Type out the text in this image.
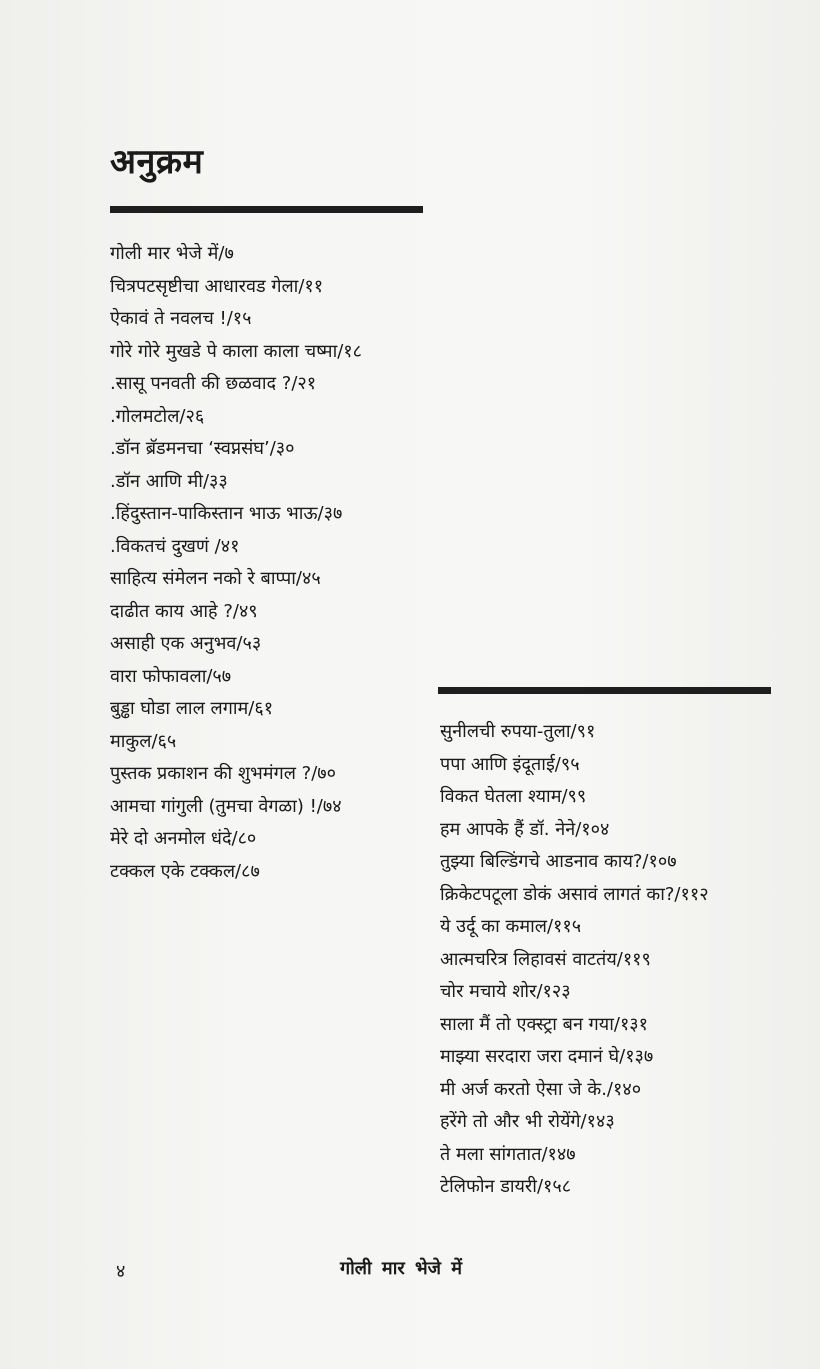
अनुक्रम
गोली मार भेजे में/७
चित्रपटसृष्टीचा आधारवड गेला/११
ऐकावं ते नवलच !/१५
गोरे गोरे मुखडे पे काला काला चष्मा/१८
.सासू पनवती की छळवाद ?/२१
.गोलमटोल/२६
.डॉन ब्रॅडमनचा ‘स्वप्नसंघ’/३०
.डॉन आणि मी/३३
.हिंदुस्तान-पाकिस्तान भाऊ भाऊ/३७
.विकतचं दुखणं /४१
साहित्य संमेलन नको रे बाप्पा/४५
दाढीत काय आहे ?/४९
असाही एक अनुभव/५३
वारा फोफावला/५७
बुड्ढा घोडा लाल लगाम/६१
माकुल/६५
पुस्तक प्रकाशन की शुभमंगल ?/७०
आमचा गांगुली (तुमचा वेगळा) !/७४
मेरे दो अनमोल धंदे/८०
टक्कल एके टक्कल/८७
सुनीलची रुपया-तुला/९१
पपा आणि इंदूताई/९५
विकत घेतला श्याम/९९
हम आपके हैं डॉ. नेने/१०४
तुझ्या बिल्डिंगचे आडनाव काय?/१०७
क्रिकेटपटूला डोकं असावं लागतं का?/११२
ये उर्दू का कमाल/११५
आत्मचरित्र लिहावसं वाटतंय/११९
चोर मचाये शोर/१२३
साला मैं तो एक्स्ट्रा बन गया/१३१
माझ्या सरदारा जरा दमानं घे/१३७
मी अर्ज करतो ऐसा जे के./१४०
हरेंगे तो और भी रोयेंगे/१४३
ते मला सांगतात/१४७
टेलिफोन डायरी/१५८
४	गोली मार भेजे में
